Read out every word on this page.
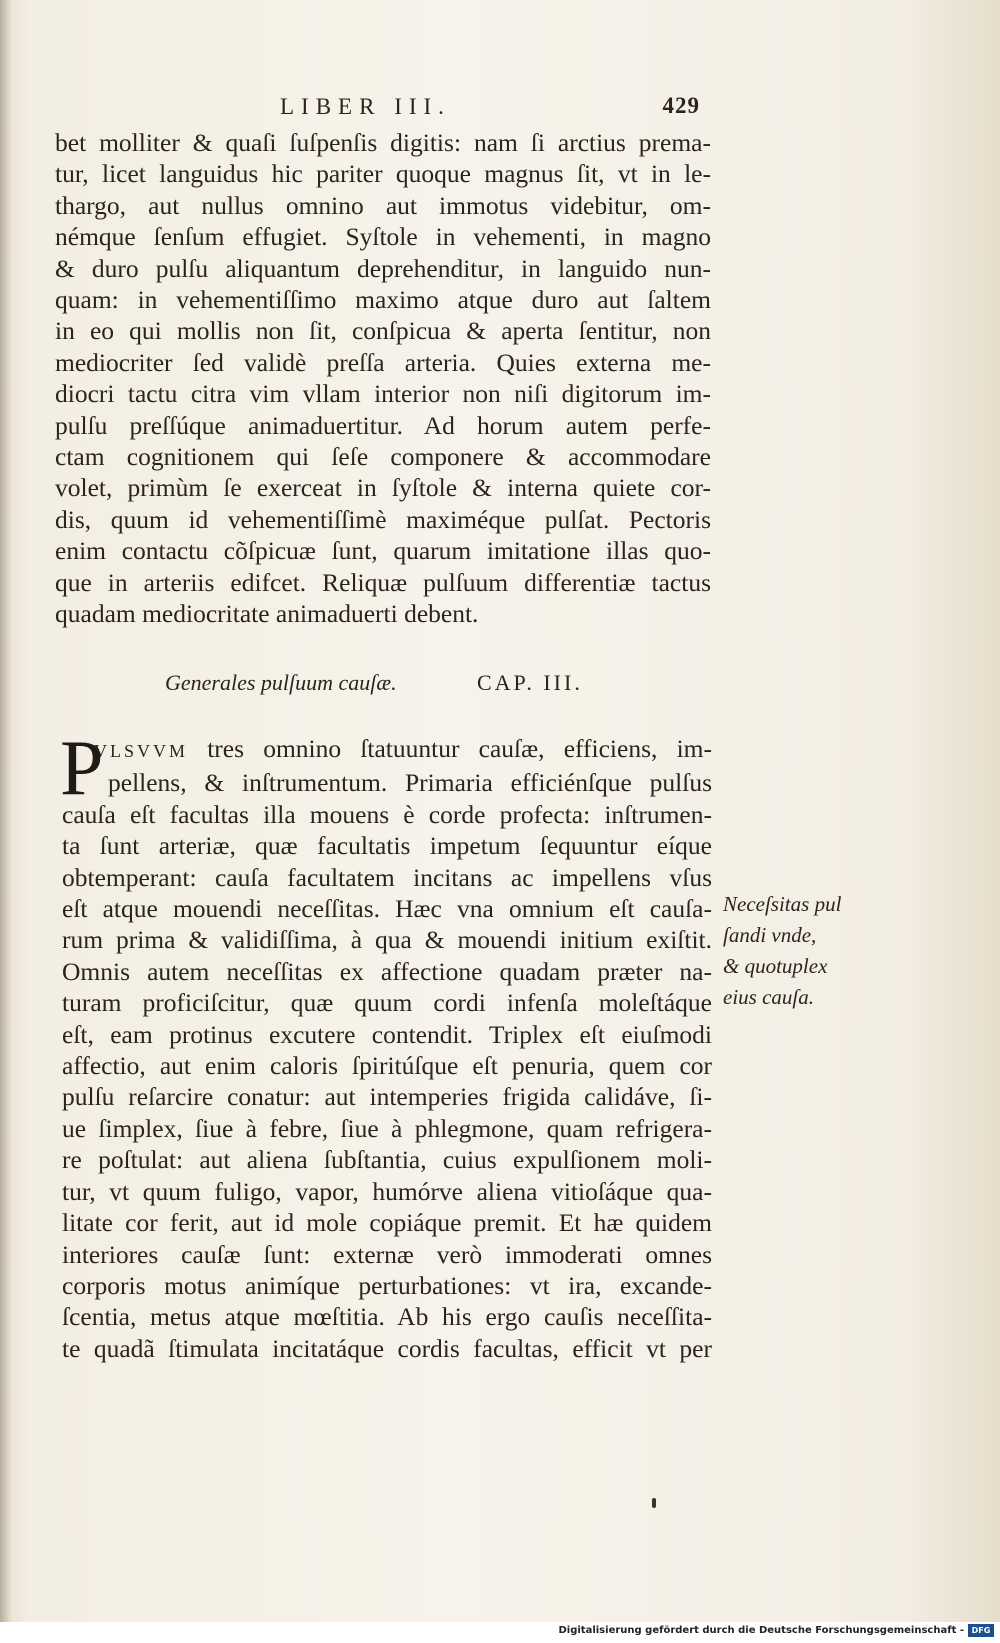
LIBER III.	429
bet molliter & quaſi ſuſpenſis digitis: nam ſi arctius prema-
tur, licet languidus hic pariter quoque magnus ſit, vt in le-
thargo, aut nullus omnino aut immotus videbitur, om-
némque ſenſum effugiet. Syſtole in vehementi, in magno
& duro pulſu aliquantum deprehenditur, in languido nun-
quam: in vehementiſſimo maximo atque duro aut ſaltem
in eo qui mollis non ſit, conſpicua & aperta ſentitur, non
mediocriter ſed validè preſſa arteria. Quies externa me-
diocri tactu citra vim vllam interior non niſi digitorum im-
pulſu preſſúque animaduertitur. Ad horum autem perfe-
ctam cognitionem qui ſeſe componere & accommodare
volet, primùm ſe exerceat in ſyſtole & interna quiete cor-
dis, quum id vehementiſſimè maximéque pulſat. Pectoris
enim contactu cõſpicuæ ſunt, quarum imitatione illas quo-
que in arteriis edifcet. Reliquæ pulſuum differentiæ tactus
quadam mediocritate animaduerti debent.
Generales pulſuum cauſæ.	CAP. III.
P
VLSVVM tres omnino ſtatuuntur cauſæ, efficiens, im-
pellens, & inſtrumentum. Primaria efficiénſque pulſus
cauſa eſt facultas illa mouens è corde profecta: inſtrumen-
ta ſunt arteriæ, quæ facultatis impetum ſequuntur eíque
obtemperant: cauſa facultatem incitans ac impellens vſus
eſt atque mouendi neceſſitas. Hæc vna omnium eſt cauſa-
rum prima & validiſſima, à qua & mouendi initium exiſtit.
Omnis autem neceſſitas ex affectione quadam præter na-
turam proficiſcitur, quæ quum cordi infenſa moleſtáque
eſt, eam protinus excutere contendit. Triplex eſt eiuſmodi
affectio, aut enim caloris ſpiritúſque eſt penuria, quem cor
pulſu reſarcire conatur: aut intemperies frigida calidáve, ſi-
ue ſimplex, ſiue à febre, ſiue à phlegmone, quam refrigera-
re poſtulat: aut aliena ſubſtantia, cuius expulſionem moli-
tur, vt quum fuligo, vapor, humórve aliena vitioſáque qua-
litate cor ferit, aut id mole copiáque premit. Et hæ quidem
interiores cauſæ ſunt: externæ verò immoderati omnes
corporis motus animíque perturbationes: vt ira, excande-
ſcentia, metus atque mœſtitia. Ab his ergo cauſis neceſſita-
te quadã ſtimulata incitatáque cordis facultas, efficit vt per
Neceſsitas pul
ſandi vnde,
& quotuplex
eius cauſa.
Digitalisierung gefördert durch die Deutsche Forschungsgemeinschaft - DFG
